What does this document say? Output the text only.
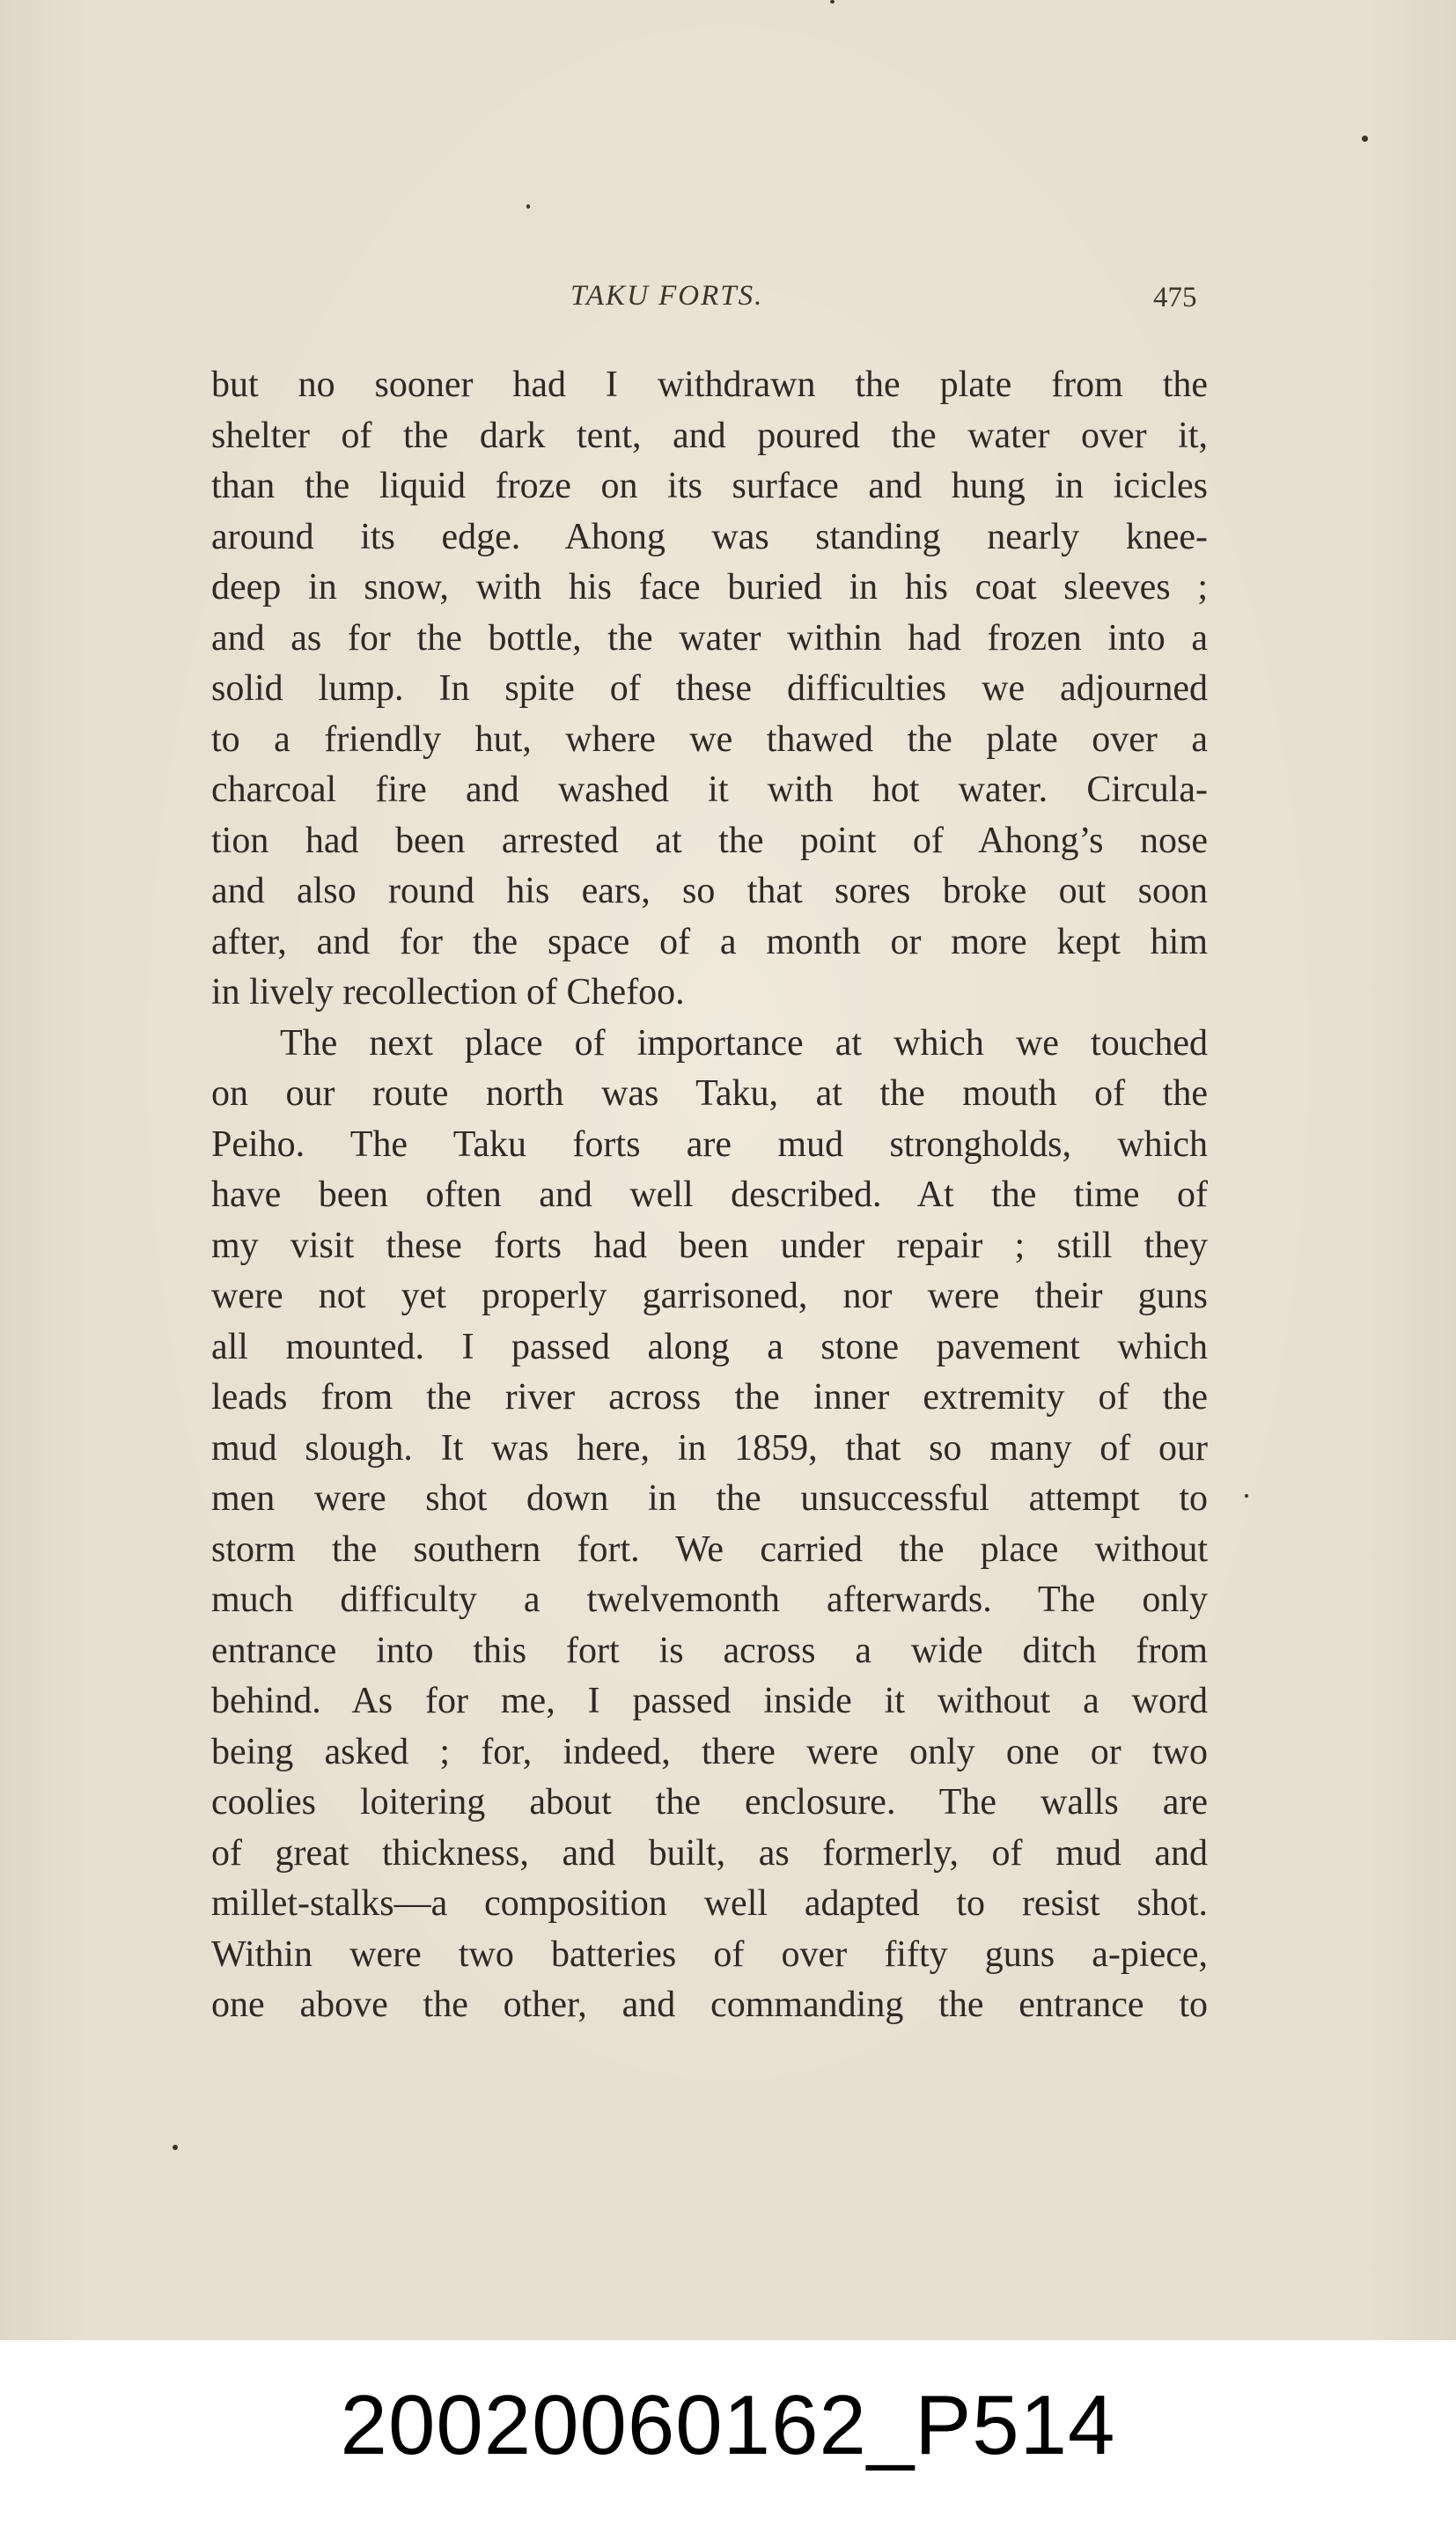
TAKU FORTS.	475
but no sooner had I withdrawn the plate from the
shelter of the dark tent, and poured the water over it,
than the liquid froze on its surface and hung in icicles
around its edge. Ahong was standing nearly knee-
deep in snow, with his face buried in his coat sleeves ;
and as for the bottle, the water within had frozen into a
solid lump. In spite of these difficulties we adjourned
to a friendly hut, where we thawed the plate over a
charcoal fire and washed it with hot water. Circula-
tion had been arrested at the point of Ahong’s nose
and also round his ears, so that sores broke out soon
after, and for the space of a month or more kept him
in lively recollection of Chefoo.
The next place of importance at which we touched
on our route north was Taku, at the mouth of the
Peiho. The Taku forts are mud strongholds, which
have been often and well described. At the time of
my visit these forts had been under repair ; still they
were not yet properly garrisoned, nor were their guns
all mounted. I passed along a stone pavement which
leads from the river across the inner extremity of the
mud slough. It was here, in 1859, that so many of our
men were shot down in the unsuccessful attempt to
storm the southern fort. We carried the place without
much difficulty a twelvemonth afterwards. The only
entrance into this fort is across a wide ditch from
behind. As for me, I passed inside it without a word
being asked ; for, indeed, there were only one or two
coolies loitering about the enclosure. The walls are
of great thickness, and built, as formerly, of mud and
millet-stalks—a composition well adapted to resist shot.
Within were two batteries of over fifty guns a-piece,
one above the other, and commanding the entrance to
20020060162_P514
